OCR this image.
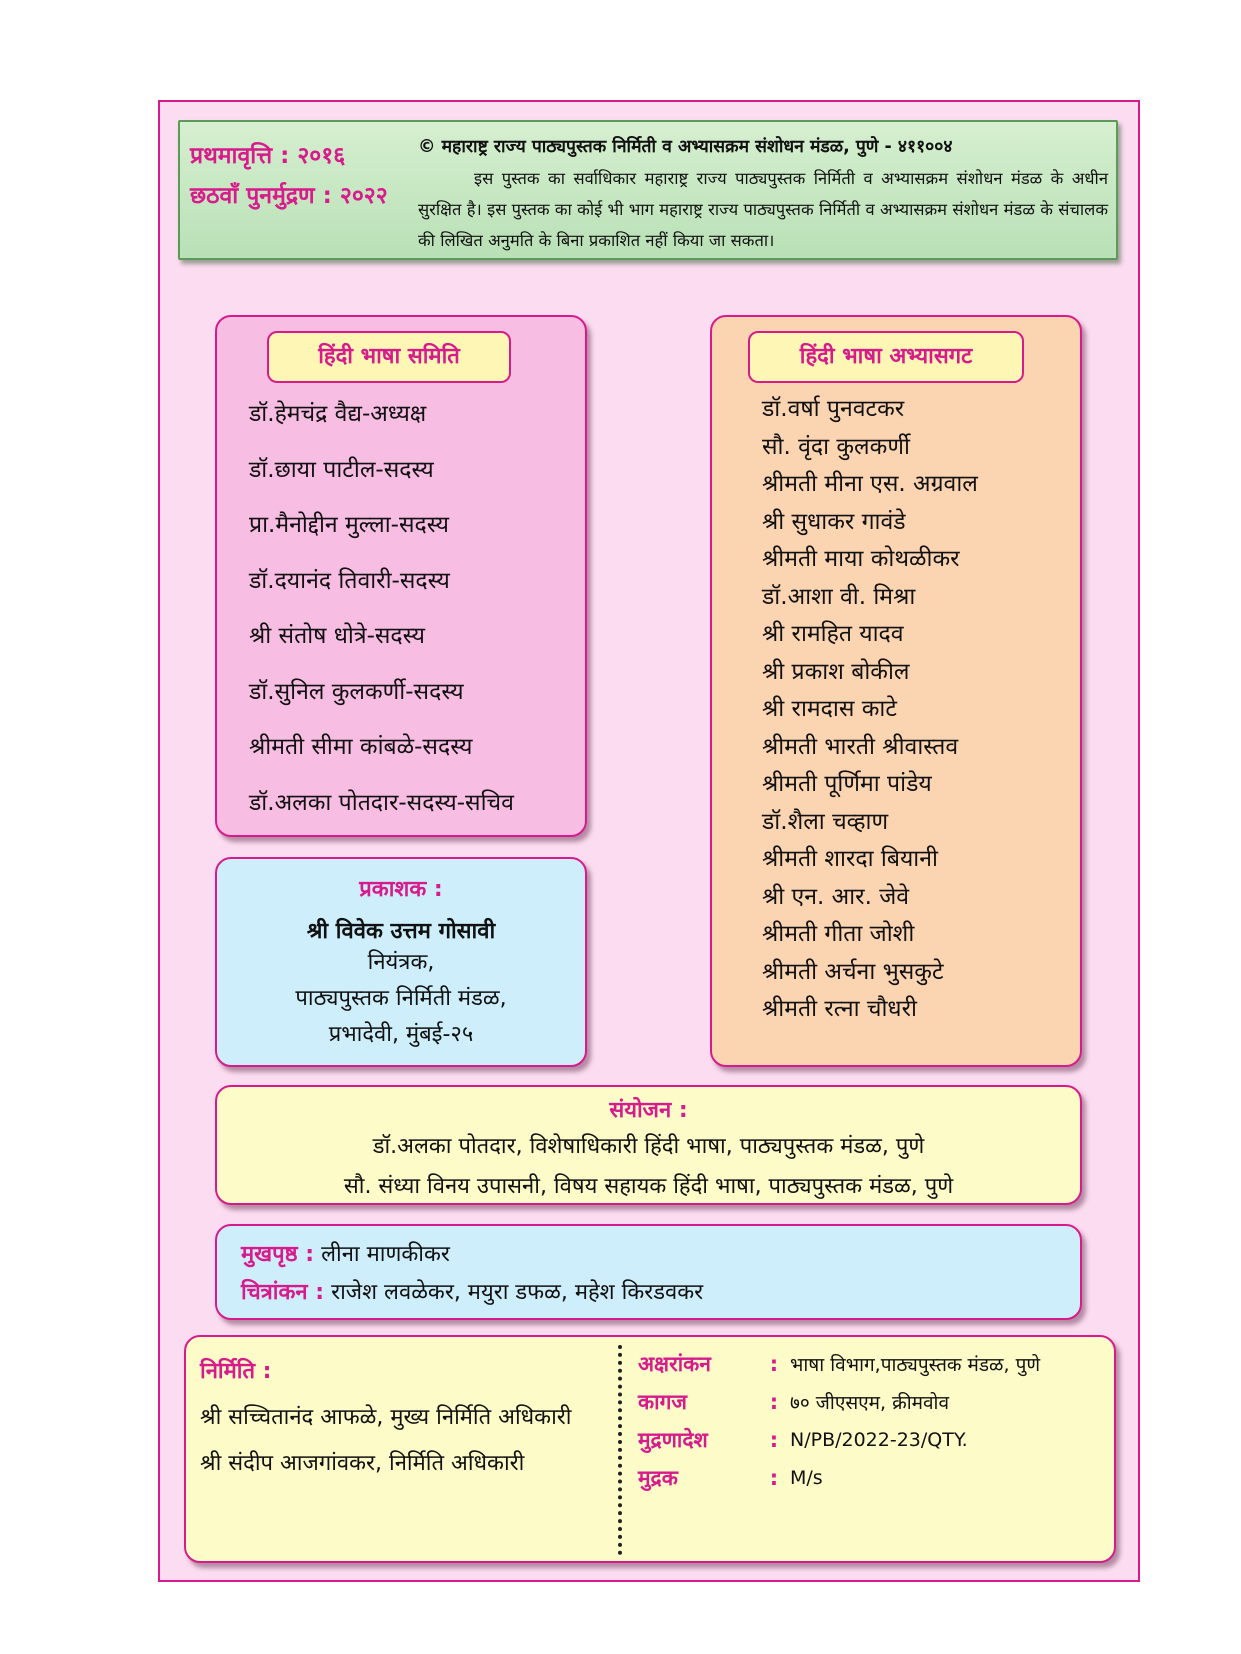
प्रथमावृत्ति : २०१६
छठवाँ पुनर्मुद्रण : २०२२
© महाराष्ट्र राज्य पाठ्यपुस्तक निर्मिती व अभ्यासक्रम संशोधन मंडळ, पुणे - ४११००४
इस पुस्तक का सर्वाधिकार महाराष्ट्र राज्य पाठ्यपुस्तक निर्मिती व अभ्यासक्रम संशोधन मंडळ के अधीन सुरक्षित है। इस पुस्तक का कोई भी भाग महाराष्ट्र राज्य पाठ्यपुस्तक निर्मिती व अभ्यासक्रम संशोधन मंडळ के संचालक की लिखित अनुमति के बिना प्रकाशित नहीं किया जा सकता।
हिंदी भाषा समिति
डॉ.हेमचंद्र वैद्य-अध्यक्ष
डॉ.छाया पाटील-सदस्य
प्रा.मैनोद्दीन मुल्ला-सदस्य
डॉ.दयानंद तिवारी-सदस्य
श्री संतोष धोत्रे-सदस्य
डॉ.सुनिल कुलकर्णी-सदस्य
श्रीमती सीमा कांबळे-सदस्य
डॉ.अलका पोतदार-सदस्य-सचिव
हिंदी भाषा अभ्यासगट
डॉ.वर्षा पुनवटकर
सौ. वृंदा कुलकर्णी
श्रीमती मीना एस. अग्रवाल
श्री सुधाकर गावंडे
श्रीमती माया कोथळीकर
डॉ.आशा वी. मिश्रा
श्री रामहित यादव
श्री प्रकाश बोकील
श्री रामदास काटे
श्रीमती भारती श्रीवास्तव
श्रीमती पूर्णिमा पांडेय
डॉ.शैला चव्हाण
श्रीमती शारदा बियानी
श्री एन. आर. जेवे
श्रीमती गीता जोशी
श्रीमती अर्चना भुसकुटे
श्रीमती रत्ना चौधरी
प्रकाशक :
श्री विवेक उत्तम गोसावी
नियंत्रक,
पाठ्यपुस्तक निर्मिती मंडळ,
प्रभादेवी, मुंबई-२५
संयोजन :
डॉ.अलका पोतदार, विशेषाधिकारी हिंदी भाषा, पाठ्यपुस्तक मंडळ, पुणे
सौ. संध्या विनय उपासनी, विषय सहायक हिंदी भाषा, पाठ्यपुस्तक मंडळ, पुणे
मुखपृष्ठ : लीना माणकीकर
चित्रांकन : राजेश लवळेकर, मयुरा डफळ, महेश किरडवकर
निर्मिति :
श्री सच्चितानंद आफळे, मुख्य निर्मिति अधिकारी
श्री संदीप आजगांवकर, निर्मिति अधिकारी
अक्षरांकन	: भाषा विभाग,पाठ्यपुस्तक मंडळ, पुणे
कागज	: ७० जीएसएम, क्रीमवोव
मुद्रणादेश	: N/PB/2022-23/QTY.
मुद्रक	: M/s
